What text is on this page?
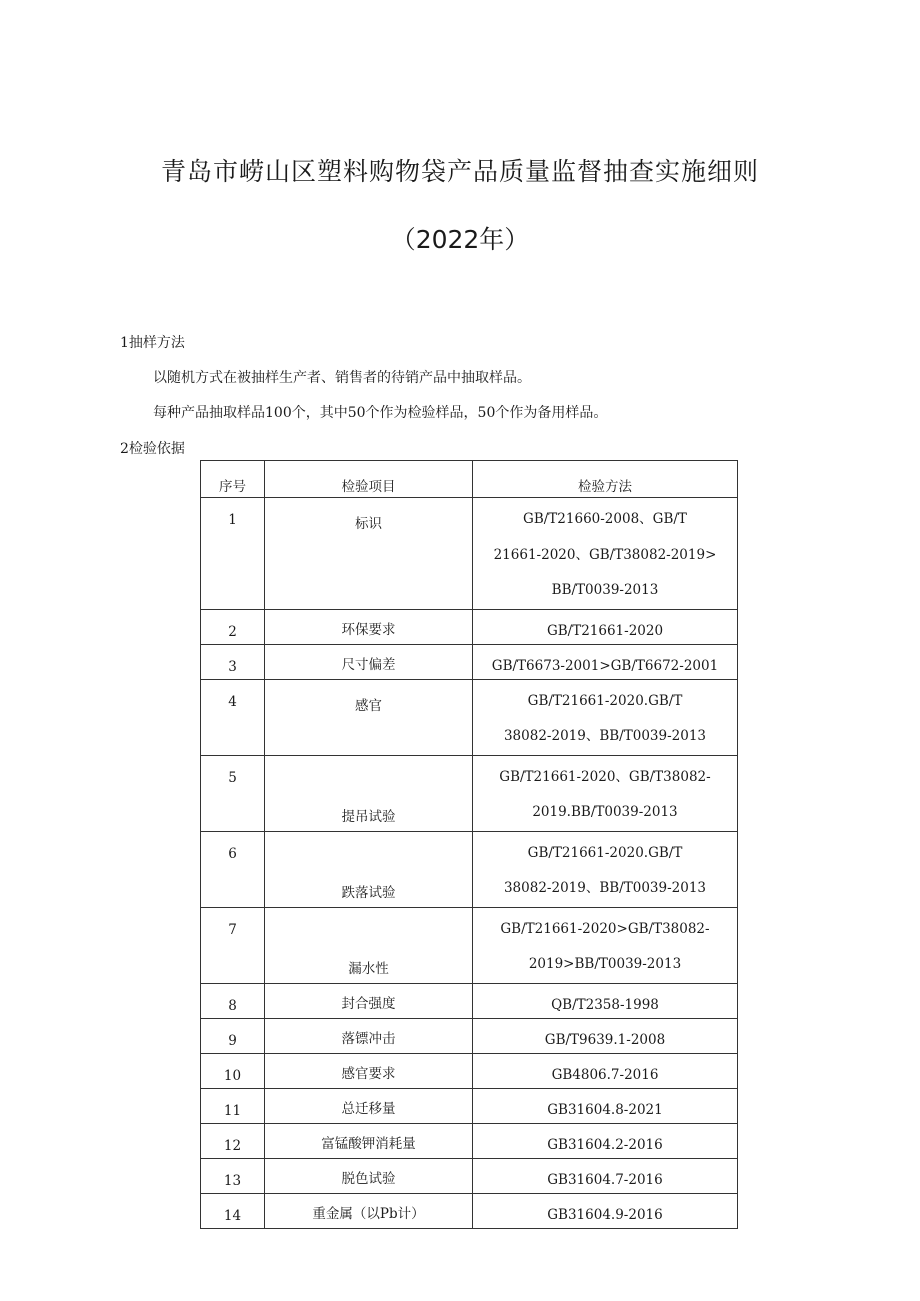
青岛市崂山区塑料购物袋产品质量监督抽查实施细则
（2022年）
1抽样方法
以随机方式在被抽样生产者、销售者的待销产品中抽取样品。
每种产品抽取样品100个，其中50个作为检验样品，50个作为备用样品。
2检验依据
序号	检验项目	检验方法
1	标识	GB/T21660-2008、GB/T
21661-2020、GB/T38082-2019>
BB/T0039-2013

2	环保要求	GB/T21661-2020

3	尺寸偏差	GB/T6673-2001>GB/T6672-2001

4	感官	GB/T21661-2020.GB/T
38082-2019、BB/T0039-2013

5	提吊试验	GB/T21661-2020、GB/T38082-
2019.BB/T0039-2013

6	跌落试验	GB/T21661-2020.GB/T
38082-2019、BB/T0039-2013

7	漏水性	GB/T21661-2020>GB/T38082-
2019>BB/T0039-2013

8	封合强度	QB/T2358-1998

9	落镖冲击	GB/T9639.1-2008

10	感官要求	GB4806.7-2016

11	总迁移量	GB31604.8-2021

12	富锰酸钾消耗量	GB31604.2-2016

13	脱色试验	GB31604.7-2016

14	重金属（以Pb计）	GB31604.9-2016
